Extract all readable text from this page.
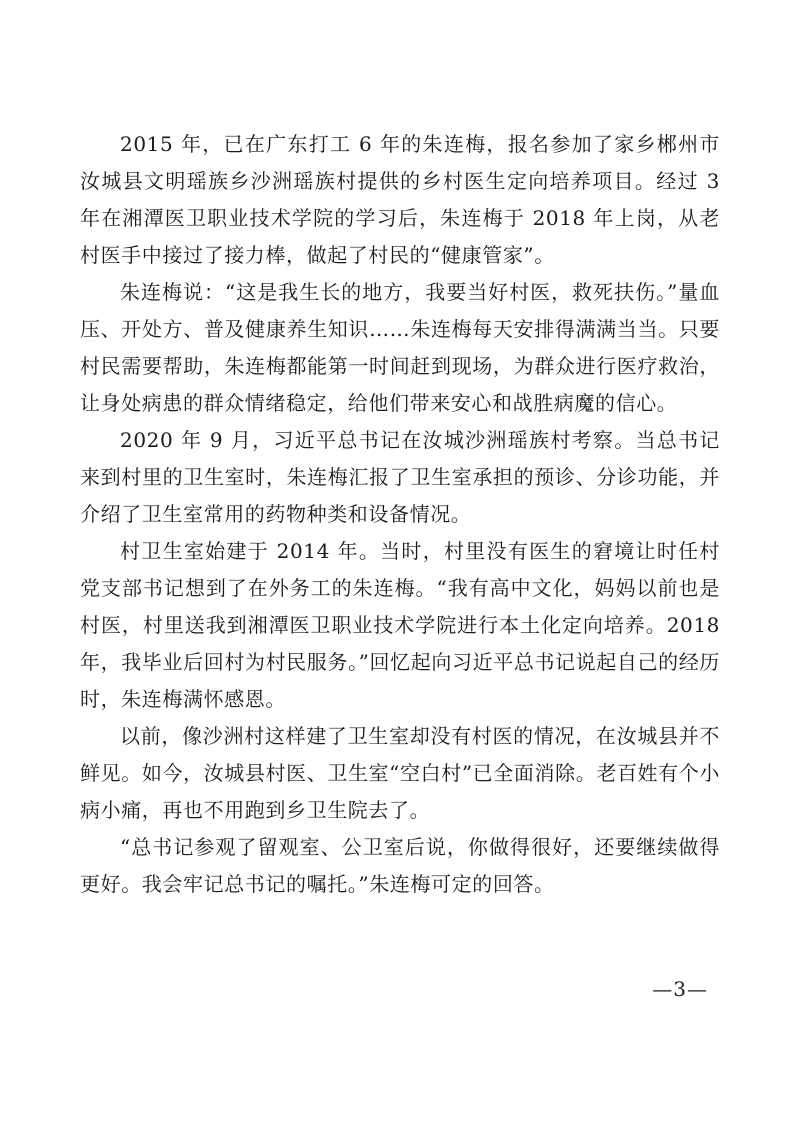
2015 年，已在广东打工 6 年的朱连梅，报名参加了家乡郴州市汝城县文明瑶族乡沙洲瑶族村提供的乡村医生定向培养项目。经过 3 年在湘潭医卫职业技术学院的学习后，朱连梅于 2018 年上岗，从老村医手中接过了接力棒，做起了村民的“健康管家”。

朱连梅说：“这是我生长的地方，我要当好村医，救死扶伤。”量血压、开处方、普及健康养生知识……朱连梅每天安排得满满当当。只要村民需要帮助，朱连梅都能第一时间赶到现场，为群众进行医疗救治，让身处病患的群众情绪稳定，给他们带来安心和战胜病魔的信心。

2020 年 9 月，习近平总书记在汝城沙洲瑶族村考察。当总书记来到村里的卫生室时，朱连梅汇报了卫生室承担的预诊、分诊功能，并介绍了卫生室常用的药物种类和设备情况。

村卫生室始建于 2014 年。当时，村里没有医生的窘境让时任村党支部书记想到了在外务工的朱连梅。“我有高中文化，妈妈以前也是村医，村里送我到湘潭医卫职业技术学院进行本土化定向培养。2018 年，我毕业后回村为村民服务。”回忆起向习近平总书记说起自己的经历时，朱连梅满怀感恩。

以前，像沙洲村这样建了卫生室却没有村医的情况，在汝城县并不鲜见。如今，汝城县村医、卫生室“空白村”已全面消除。老百姓有个小病小痛，再也不用跑到乡卫生院去了。

“总书记参观了留观室、公卫室后说，你做得很好，还要继续做得更好。我会牢记总书记的嘱托。”朱连梅可定的回答。

—3—
